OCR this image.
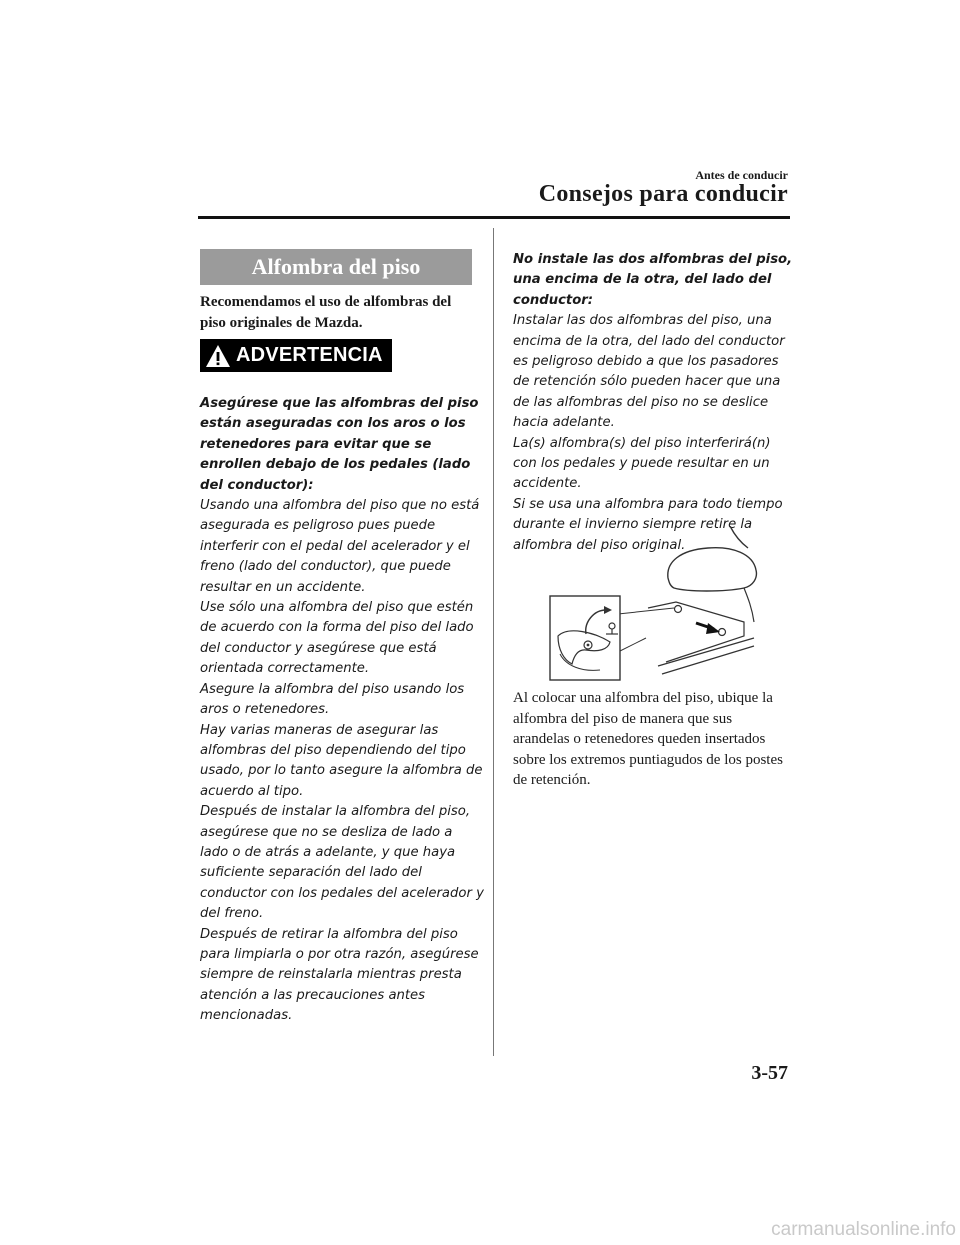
Antes de conducir
Consejos para conducir
Alfombra del piso
Recomendamos el uso de alfombras del piso originales de Mazda.
ADVERTENCIA

Asegúrese que las alfombras del piso están aseguradas con los aros o los retenedores para evitar que se enrollen debajo de los pedales (lado del conductor):

Usando una alfombra del piso que no está asegurada es peligroso pues puede interferir con el pedal del acelerador y el freno (lado del conductor), que puede resultar en un accidente.

Use sólo una alfombra del piso que estén de acuerdo con la forma del piso del lado del conductor y asegúrese que está orientada correctamente.

Asegure la alfombra del piso usando los aros o retenedores.

Hay varias maneras de asegurar las alfombras del piso dependiendo del tipo usado, por lo tanto asegure la alfombra de acuerdo al tipo.

Después de instalar la alfombra del piso, asegúrese que no se desliza de lado a lado o de atrás a adelante, y que haya suficiente separación del lado del conductor con los pedales del acelerador y del freno.

Después de retirar la alfombra del piso para limpiarla o por otra razón, asegúrese siempre de reinstalarla mientras presta atención a las precauciones antes mencionadas.

No instale las dos alfombras del piso, una encima de la otra, del lado del conductor:

Instalar las dos alfombras del piso, una encima de la otra, del lado del conductor es peligroso debido a que los pasadores de retención sólo pueden hacer que una de las alfombras del piso no se deslice hacia adelante.

La(s) alfombra(s) del piso interferirá(n) con los pedales y puede resultar en un accidente.

Si se usa una alfombra para todo tiempo durante el invierno siempre retire la alfombra del piso original.

Al colocar una alfombra del piso, ubique la alfombra del piso de manera que sus arandelas o retenedores queden insertados sobre los extremos puntiagudos de los postes de retención.
3-57
carmanualsonline.info
